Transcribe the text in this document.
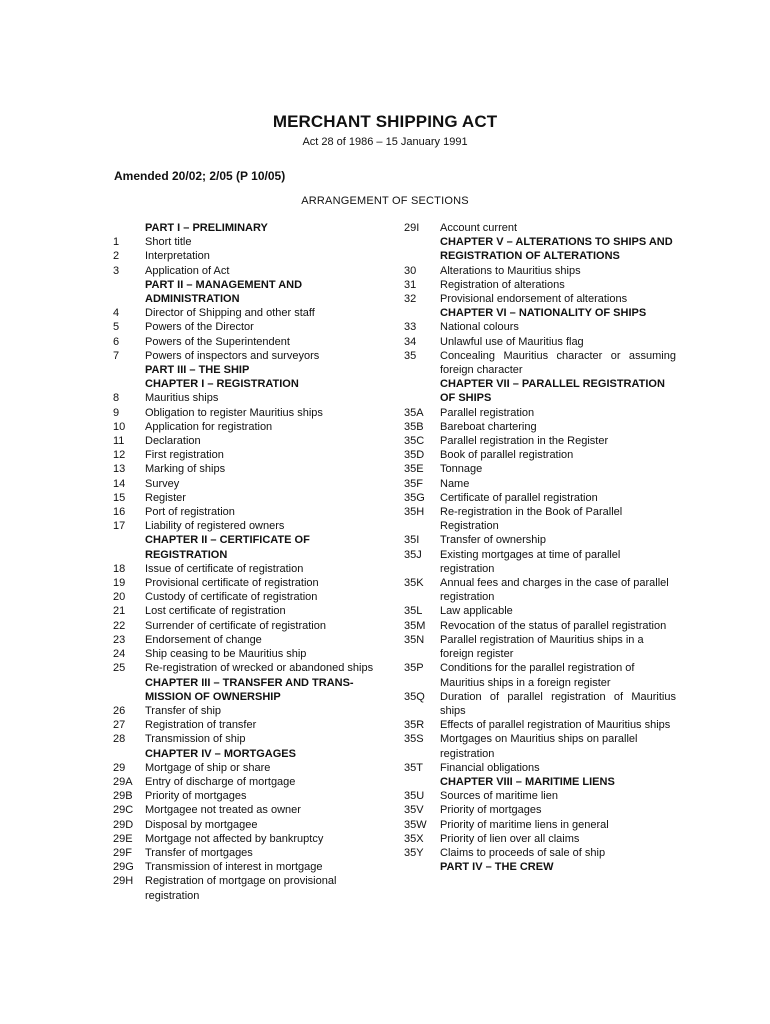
MERCHANT SHIPPING ACT
Act 28 of 1986 – 15 January 1991
Amended 20/02; 2/05 (P 10/05)
ARRANGEMENT OF SECTIONS
PART I – PRELIMINARY
1	Short title
2	Interpretation
3	Application of Act
PART II – MANAGEMENT AND ADMINISTRATION
4	Director of Shipping and other staff
5	Powers of the Director
6	Powers of the Superintendent
7	Powers of inspectors and surveyors
PART III – THE SHIP
CHAPTER I – REGISTRATION
8	Mauritius ships
9	Obligation to register Mauritius ships
10	Application for registration
11	Declaration
12	First registration
13	Marking of ships
14	Survey
15	Register
16	Port of registration
17	Liability of registered owners
CHAPTER II – CERTIFICATE OF REGISTRATION
18	Issue of certificate of registration
19	Provisional certificate of registration
20	Custody of certificate of registration
21	Lost certificate of registration
22	Surrender of certificate of registration
23	Endorsement of change
24	Ship ceasing to be Mauritius ship
25	Re-registration of wrecked or abandoned ships
CHAPTER III – TRANSFER AND TRANS-MISSION OF OWNERSHIP
26	Transfer of ship
27	Registration of transfer
28	Transmission of ship
CHAPTER IV – MORTGAGES
29	Mortgage of ship or share
29A	Entry of discharge of mortgage
29B	Priority of mortgages
29C	Mortgagee not treated as owner
29D	Disposal by mortgagee
29E	Mortgage not affected by bankruptcy
29F	Transfer of mortgages
29G	Transmission of interest in mortgage
29H	Registration of mortgage on provisional registration
29I	Account current
CHAPTER V – ALTERATIONS TO SHIPS AND REGISTRATION OF ALTERATIONS
30	Alterations to Mauritius ships
31	Registration of alterations
32	Provisional endorsement of alterations
CHAPTER VI – NATIONALITY OF SHIPS
33	National colours
34	Unlawful use of Mauritius flag
35	Concealing Mauritius character or assuming foreign character
CHAPTER VII – PARALLEL REGISTRATION OF SHIPS
35A	Parallel registration
35B	Bareboat chartering
35C	Parallel registration in the Register
35D	Book of parallel registration
35E	Tonnage
35F	Name
35G	Certificate of parallel registration
35H	Re-registration in the Book of Parallel Registration
35I	Transfer of ownership
35J	Existing mortgages at time of parallel registration
35K	Annual fees and charges in the case of parallel registration
35L	Law applicable
35M	Revocation of the status of parallel registration
35N	Parallel registration of Mauritius ships in a foreign register
35P	Conditions for the parallel registration of Mauritius ships in a foreign register
35Q	Duration of parallel registration of Mauritius ships
35R	Effects of parallel registration of Mauritius ships
35S	Mortgages on Mauritius ships on parallel registration
35T	Financial obligations
CHAPTER VIII – MARITIME LIENS
35U	Sources of maritime lien
35V	Priority of mortgages
35W	Priority of maritime liens in general
35X	Priority of lien over all claims
35Y	Claims to proceeds of sale of ship
PART IV – THE CREW
